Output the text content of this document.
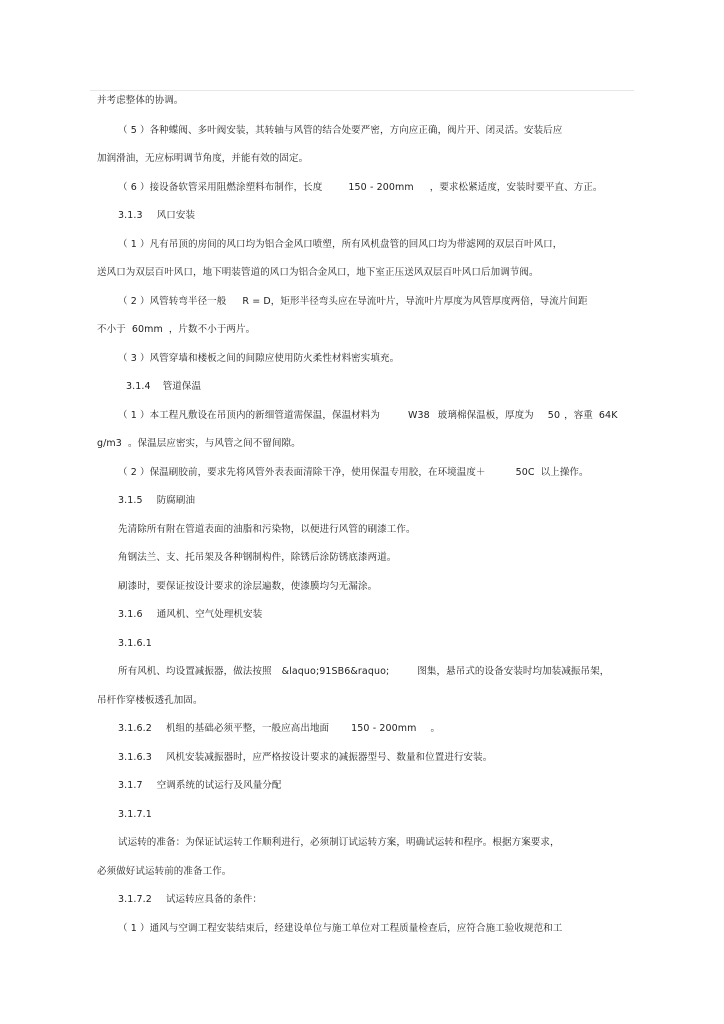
并考虑整体的协调。
（ 5 ）各种蝶阀、多叶阀安装，其转轴与风管的结合处要严密，方向应正确，阀片开、闭灵活。安装后应
加润滑油，无应标明调节角度，并能有效的固定。
（ 6 ）接设备软管采用阻燃涂塑料布制作，长度	150 - 200mm ，要求松紧适度，安装时要平直、方正。
3.1.3 风口安装
（ 1 ）凡有吊顶的房间的风口均为铝合金风口喷塑，所有风机盘管的回风口均为带滤网的双层百叶风口，
送风口为双层百叶风口，地下明装管道的风口为铝合金风口，地下室正压送风双层百叶风口后加调节阀。
（ 2 ）风管转弯半径一般 R = D，矩形半径弯头应在导流叶片，导流叶片厚度为风管厚度两倍，导流片间距
不小于 60mm ，片数不小于两片。
（ 3 ）风管穿墙和楼板之间的间隙应使用防火柔性材料密实填充。
3.1.4 管道保温
（ 1 ）本工程凡敷设在吊顶内的新细管道需保温，保温材料为	W38 玻璃棉保温板，厚度为 50 ，容重 64K
g/m3 。保温层应密实，与风管之间不留间隙。
（ 2 ）保温刷胶前，要求先将风管外表表面清除干净，使用保温专用胶，在环境温度＋	50C 以上操作。
3.1.5 防腐刷油
先清除所有附在管道表面的油脂和污染物，以便进行风管的刷漆工作。
角钢法兰、支、托吊架及各种钢制构件，除锈后涂防锈底漆两道。
刷漆时，要保证按设计要求的涂层遍数，使漆膜均匀无漏涂。
3.1.6 通风机、空气处理机安装
3.1.6.1
所有风机、均设置减振器，做法按照 &laquo;91SB6&raquo;	图集，悬吊式的设备安装时均加装减振吊架，
吊杆作穿楼板透孔加固。
3.1.6.2 机组的基础必须平整，一般应高出地面 150 - 200mm 。
3.1.6.3 风机安装减振器时，应严格按设计要求的减振器型号、数量和位置进行安装。
3.1.7 空调系统的试运行及风量分配
3.1.7.1
试运转的准备：为保证试运转工作顺利进行，必须制订试运转方案，明确试运转和程序。根据方案要求，
必须做好试运转前的准备工作。
3.1.7.2 试运转应具备的条件：
（ 1 ）通风与空调工程安装结束后，经建设单位与施工单位对工程质量检查后，应符合施工验收规范和工
